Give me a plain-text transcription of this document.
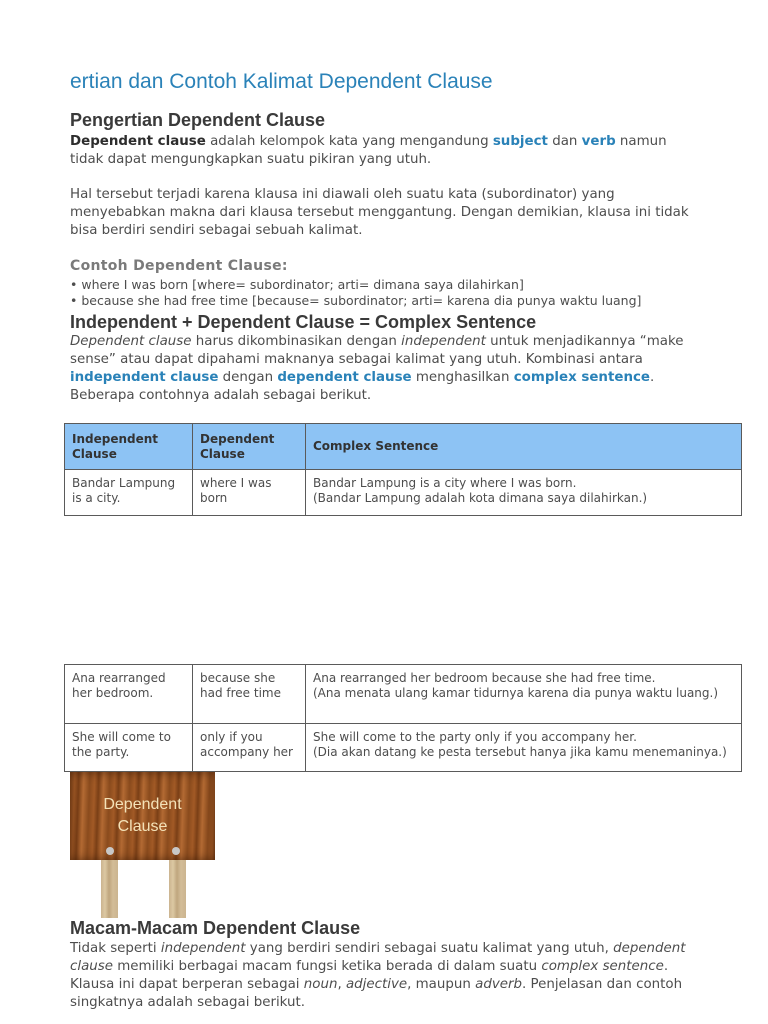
ertian dan Contoh Kalimat Dependent Clause
Pengertian Dependent Clause

Dependent clause adalah kelompok kata yang mengandung subject dan verb namun

tidak dapat mengungkapkan suatu pikiran yang utuh.

Hal tersebut terjadi karena klausa ini diawali oleh suatu kata (subordinator) yang

menyebabkan makna dari klausa tersebut menggantung. Dengan demikian, klausa ini tidak

bisa berdiri sendiri sebagai sebuah kalimat.

Contoh Dependent Clause:
• where I was born [where= subordinator; arti= dimana saya dilahirkan]
• because she had free time [because= subordinator; arti= karena dia punya waktu luang]
Independent + Dependent Clause = Complex Sentence

Dependent clause harus dikombinasikan dengan independent untuk menjadikannya “make

sense” atau dapat dipahami maknanya sebagai kalimat yang utuh. Kombinasi antara

independent clause dengan dependent clause menghasilkan complex sentence.

Beberapa contohnya adalah sebagai berikut.

Independent
Clause	Dependent
Clause	Complex Sentence
Bandar Lampung
is a city.	where I was
born	Bandar Lampung is a city where I was born.
(Bandar Lampung adalah kota dimana saya dilahirkan.)
Ana rearranged
her bedroom.	because she
had free time	Ana rearranged her bedroom because she had free time.
(Ana menata ulang kamar tidurnya karena dia punya waktu luang.)
She will come to
the party.	only if you
accompany her	She will come to the party only if you accompany her.
(Dia akan datang ke pesta tersebut hanya jika kamu menemaninya.)
Dependent
Clause
Macam-Macam Dependent Clause

Tidak seperti independent yang berdiri sendiri sebagai suatu kalimat yang utuh, dependent

clause memiliki berbagai macam fungsi ketika berada di dalam suatu complex sentence.

Klausa ini dapat berperan sebagai noun, adjective, maupun adverb. Penjelasan dan contoh

singkatnya adalah sebagai berikut.
